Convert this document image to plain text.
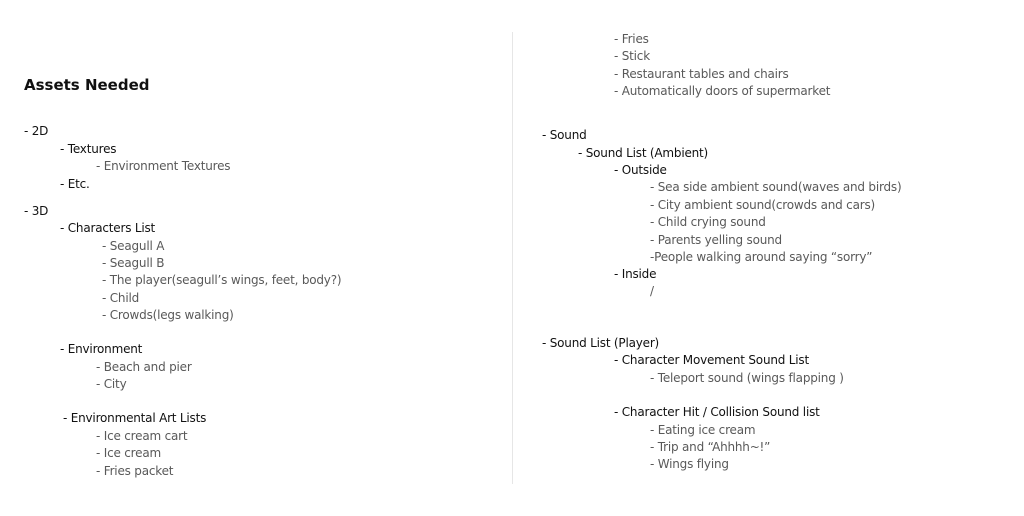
Assets Needed
- 2D
- Textures
- Environment Textures
- Etc.
- 3D
- Characters List
- Seagull A
- Seagull B
- The player(seagull’s wings, feet, body?)
- Child
- Crowds(legs walking)
- Environment
- Beach and pier
- City
- Environmental Art Lists
- Ice cream cart
- Ice cream
- Fries packet
- Fries
- Stick
- Restaurant tables and chairs
- Automatically doors of supermarket
- Sound
- Sound List (Ambient)
- Outside
- Sea side ambient sound(waves and birds)
- City ambient sound(crowds and cars)
- Child crying sound
- Parents yelling sound
-People walking around saying “sorry”
- Inside
/
- Sound List (Player)
- Character Movement Sound List
- Teleport sound (wings flapping )
- Character Hit / Collision Sound list
- Eating ice cream
- Trip and “Ahhhh~!”
- Wings flying
